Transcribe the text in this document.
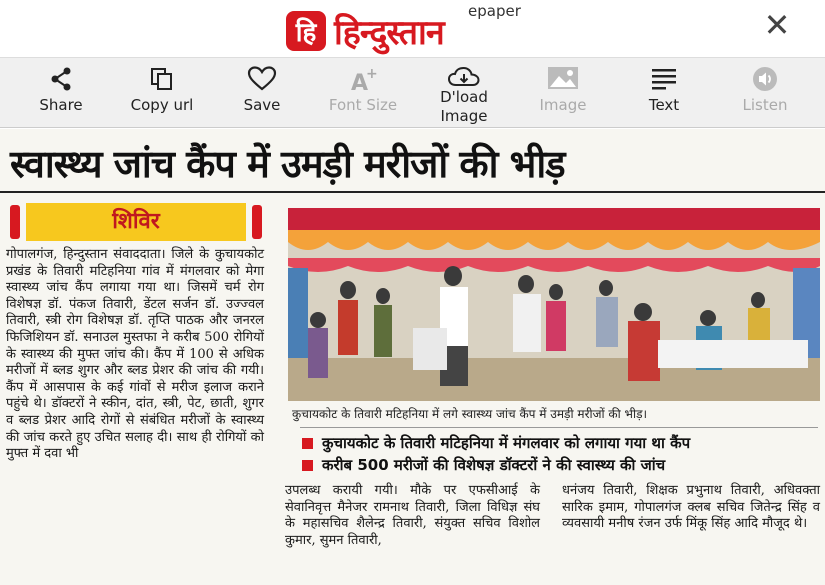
हि हिन्दुस्तान
epaper	✕
Share	Copy url	Save
A
+
Font Size	D'load Image
Image	Text	Listen
स्वास्थ्य जांच कैंप में उमड़ी मरीजों की भीड़
शिविर
गोपालगंज, हिन्दुस्तान संवाददाता। जिले के कुचायकोट प्रखंड के तिवारी मटिहनिया गांव में मंगलवार को मेगा स्वास्थ्य जांच कैंप लगाया गया था। जिसमें चर्म रोग विशेषज्ञ डॉ. पंकज तिवारी, डेंटल सर्जन डॉ. उज्ज्वल तिवारी, स्त्री रोग विशेषज्ञ डॉ. तृप्ति पाठक और जनरल फिजिशियन डॉ. सनाउल मुस्तफा ने करीब 500 रोगियों के स्वास्थ्य की मुफ्त जांच की। कैंप में 100 से अधिक मरीजों में ब्लड शुगर और ब्लड प्रेशर की जांच की गयी। कैंप में आसपास के कई गांवों से मरीज इलाज कराने पहुंचे थे। डॉक्टरों ने स्कीन, दांत, स्त्री, पेट, छाती, शुगर व ब्लड प्रेशर आदि रोगों से संबंधित मरीजों के स्वास्थ्य की जांच करते हुए उचित सलाह दी। साथ ही रोगियों को मुफ्त में दवा भी
कुचायकोट के तिवारी मटिहनिया में लगे स्वास्थ्य जांच कैंप में उमड़ी मरीजों की भीड़।
कुचायकोट के तिवारी मटिहनिया में मंगलवार को लगाया गया था कैंप
करीब 500 मरीजों की विशेषज्ञ डॉक्टरों ने की स्वास्थ्य की जांच
उपलब्ध करायी गयी। मौके पर एफसीआई के सेवानिवृत्त मैनेजर रामनाथ तिवारी, जिला विधिज्ञ संघ के महासचिव शैलेन्द्र तिवारी, संयुक्त सचिव विशोल कुमार, सुमन तिवारी,
धनंजय तिवारी, शिक्षक प्रभुनाथ तिवारी, अधिवक्ता सारिक इमाम, गोपालगंज क्लब सचिव जितेन्द्र सिंह व व्यवसायी मनीष रंजन उर्फ मिंकू सिंह आदि मौजूद थे।
